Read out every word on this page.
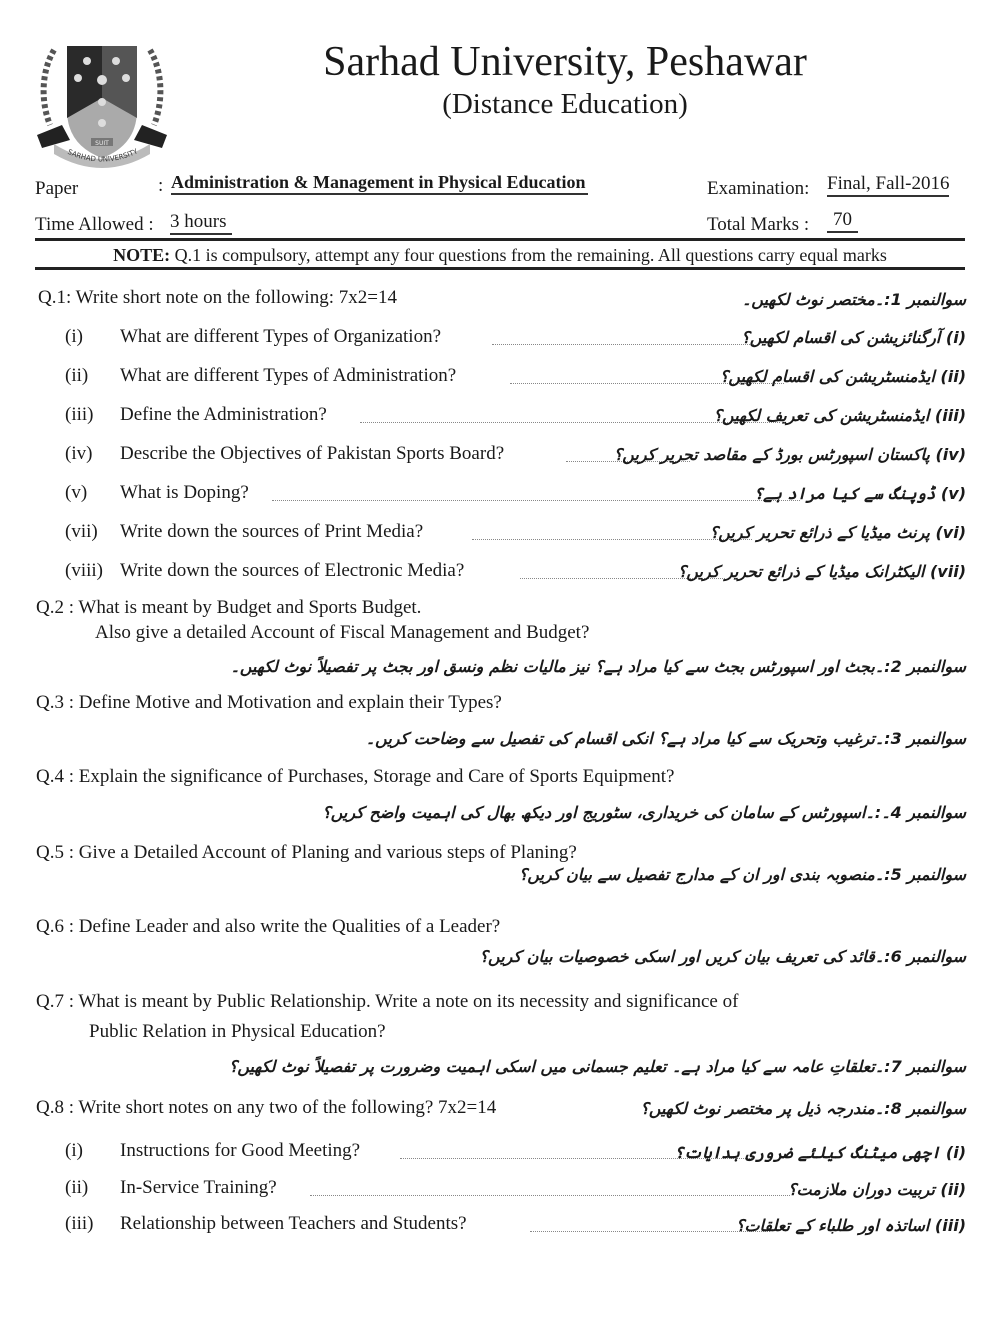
SUIT
SARHAD UNIVERSITY
Sarhad University, Peshawar
(Distance Education)
Paper	: Administration & Management in Physical Education	Examination: Final, Fall-2016
Time Allowed : 3 hours	Total Marks :	70
NOTE: Q.1 is compulsory, attempt any four questions from the remaining. All questions carry equal marks
Q.1: Write short note on the following: 7x2=14	سوالنمبر 1:۔مختصر نوٹ لکھیں۔
(i) What are different Types of Organization?	(i) آرگنائزیشن کی اقسام لکھیں؟
(ii) What are different Types of Administration?	(ii) ایڈمنسٹریشن کی اقسام لکھیں؟
(iii) Define the Administration?	(iii) ایڈمنسٹریشن کی تعریف لکھیں؟
(iv) Describe the Objectives of Pakistan Sports Board?	(iv) پاکستان اسپورٹس بورڈ کے مقاصد تحریر کریں؟
(v) What is Doping?	(v) ڈوپنگ سے کیا مراد ہے؟
(vii) Write down the sources of Print Media?	(vi) پرنٹ میڈیا کے ذرائع تحریر کریں؟
(viii) Write down the sources of Electronic Media?	(vii) الیکٹرانک میڈیا کے ذرائع تحریر کریں؟
Q.2 : What is meant by Budget and Sports Budget.
Also give a detailed Account of Fiscal Management and Budget?
سوالنمبر 2:۔بجٹ اور اسپورٹس بجٹ سے کیا مراد ہے؟ نیز مالیات نظم ونسق اور بجٹ پر تفصیلاً نوٹ لکھیں۔
Q.3 : Define Motive and Motivation and explain their Types?
سوالنمبر 3:۔ترغیب وتحریک سے کیا مراد ہے؟ انکی اقسام کی تفصیل سے وضاحت کریں۔
Q.4 : Explain the significance of Purchases, Storage and Care of Sports Equipment?
سوالنمبر 4۔:۔اسپورٹس کے سامان کی خریداری، سٹوریج اور دیکھ بھال کی اہمیت واضح کریں؟
Q.5 : Give a Detailed Account of Planing and various steps of Planing?
سوالنمبر 5:۔منصوبہ بندی اور ان کے مدارج تفصیل سے بیان کریں؟
Q.6 : Define Leader and also write the Qualities of a Leader?
سوالنمبر 6:۔قائد کی تعریف بیان کریں اور اسکی خصوصیات بیان کریں؟
Q.7 : What is meant by Public Relationship. Write a note on its necessity and significance of
Public Relation in Physical Education?
سوالنمبر 7:۔تعلقاتِ عامہ سے کیا مراد ہے۔ تعلیم جسمانی میں اسکی اہمیت وضرورت پر تفصیلاً نوٹ لکھیں؟
Q.8 : Write short notes on any two of the following? 7x2=14	سوالنمبر 8:۔مندرجہ ذیل پر مختصر نوٹ لکھیں؟
(i) Instructions for Good Meeting?	(i) اچھی میٹنگ کیلئے ضروری ہدایات؟
(ii) In-Service Training?	(ii) تربیت دوران ملازمت؟
(iii) Relationship between Teachers and Students?	(iii) اساتذہ اور طلباء کے تعلقات؟
